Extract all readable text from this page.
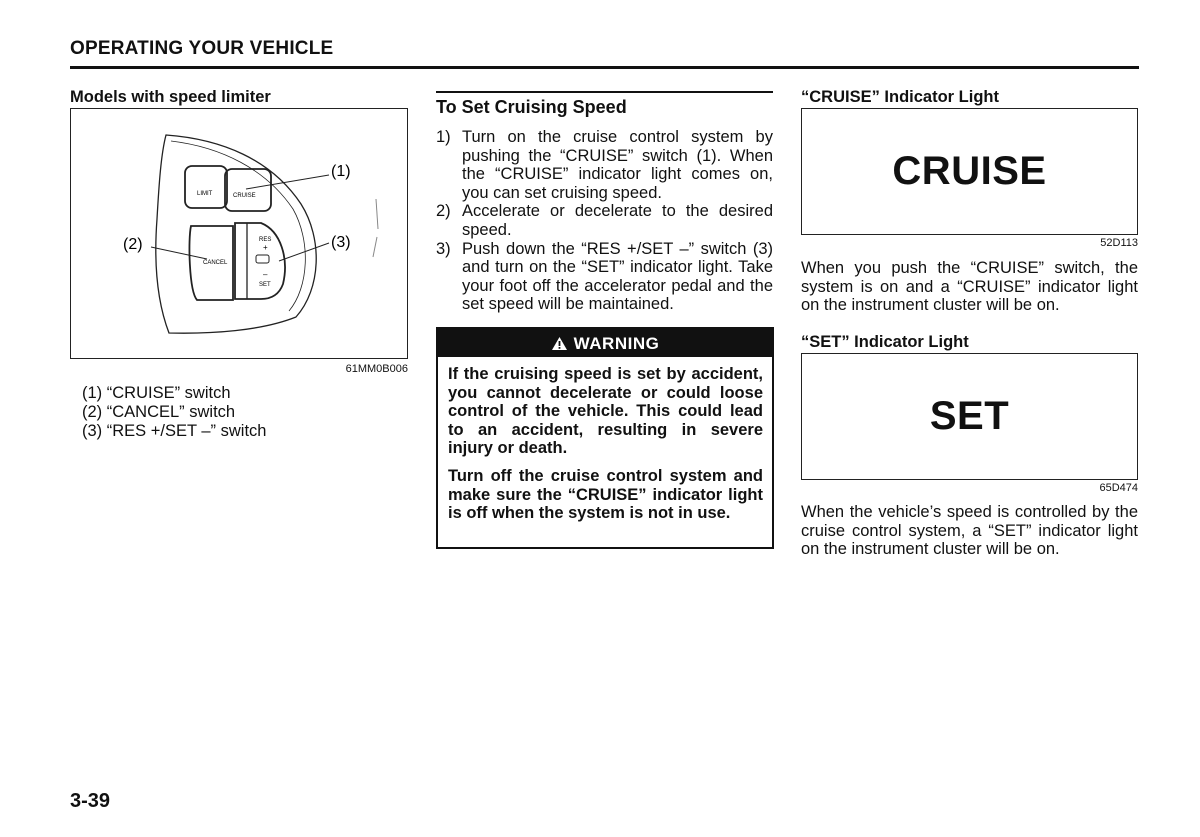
OPERATING YOUR VEHICLE
Models with speed limiter
LIMIT	CRUISE
CANCEL
RES
+
–
SET
(1)
(2)	(3)
61MM0B006
(1) “CRUISE” switch
(2) “CANCEL” switch
(3) “RES +/SET –” switch
To Set Cruising Speed
1) Turn on the cruise control system by pushing the “CRUISE” switch (1). When the “CRUISE” indicator light comes on, you can set cruising speed.
2) Accelerate or decelerate to the desired speed.
3) Push down the “RES +/SET –” switch (3) and turn on the “SET” indicator light. Take your foot off the accelerator pedal and the set speed will be maintained.
WARNING

If the cruising speed is set by accident, you cannot decelerate or could loose control of the vehicle. This could lead to an accident, resulting in severe injury or death.

Turn off the cruise control system and make sure the “CRUISE” indicator light is off when the system is not in use.

“CRUISE” Indicator Light
CRUISE
52D113
When you push the “CRUISE” switch, the system is on and a “CRUISE” indicator light on the instrument cluster will be on.
“SET” Indicator Light
SET
65D474
When the vehicle’s speed is controlled by the cruise control system, a “SET” indicator light on the instrument cluster will be on.
3-39
